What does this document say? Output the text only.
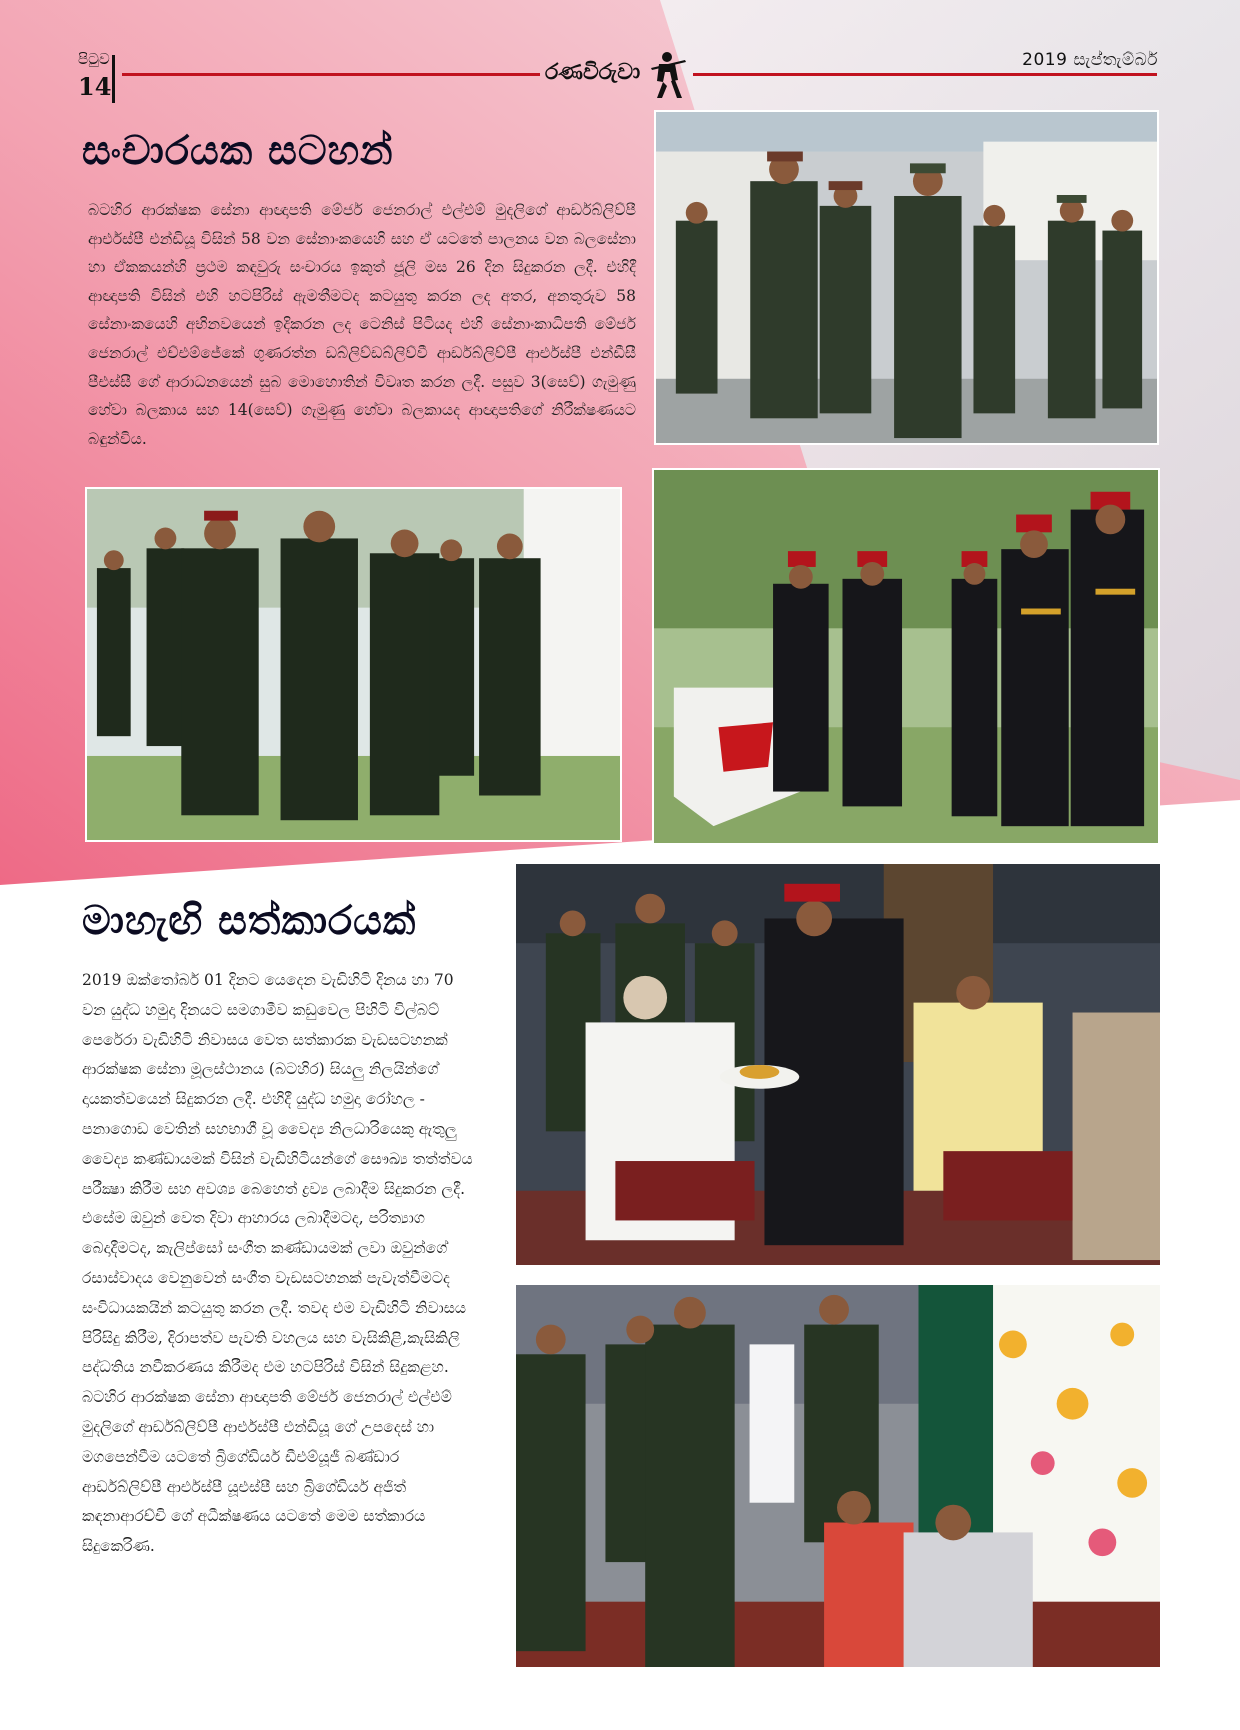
පිටුව
14	රණවිරුවා	2019 සැප්තැම්බර්
සංචාරයක සටහන්

බටහිර ආරක්ෂක සේනා ආඥාපති මේජර් ජෙනරාල් එල්එම් මුදලිගේ ආර්ඩබ්ලිව්පී ආර්එස්පී එන්ඩියූ විසින් 58 වන සේනාංකයෙහි සහ ඒ යටතේ පාලනය වන බලසේනා හා ඒකකයන්හි ප්‍රථම කඳවුරු සංචාරය ඉකුත් ජූලි මස 26 දින සිදුකරන ලදී. එහිදී ආඥාපති විසින් එහි හටපිරිස් ඇමතීමටද කටයුතු කරන ලද අතර, අනතුරුව 58 සේනාංකයෙහි අභිනවයෙන් ඉදිකරන ලද ටෙනිස් පිටියද එහි සේනාංකාධිපති මේජර් ජෙනරාල් එච්එම්ජේකේ ගුණරත්න ඩබ්ලිව්ඩබ්ලිව්වී ආර්ඩබ්ලිව්පී ආර්එස්පී එන්ඩීසී පීඑස්සී ගේ ආරාධනයෙන් සුබ මොහොතින් විවෘත කරන ලදී. පසුව 3(සෙව්) ගැමුණු හේවා බලකාය සහ 14(සෙව්) ගැමුණු හේවා බලකායද ආඥාපතිගේ නිරීක්ෂණයට බඳුන්විය.

මාහැඟි සත්කාරයක්

2019 ඔක්තෝබර් 01 දිනට යෙදෙන වැඩිහිටි දිනය හා 70 වන යුද්ධ හමුදා දිනයට සමගාමීව කඩුවෙල පිහිටි විල්බට් පෙරේරා වැඩිහිටි නිවාසය වෙත සත්කාරක වැඩසටහනක් ආරක්ෂක සේනා මූලස්ථානය (බටහිර) සියලු නිලයින්ගේ දායකත්වයෙන් සිදුකරන ලදී. එහිදී යුද්ධ හමුදා රෝහල - පනාගොඩ වෙතින් සහභාගී වූ වෛද්‍ය නිලධාරියෙකු ඇතුලු වෛද්‍ය කණ්ඩායමක් විසින් වැඩිහිටියන්ගේ සෞඛ්‍ය තත්ත්වය පරීක්‍ෂා කිරීම සහ අවශ්‍ය බෙහෙත් ද්‍රව්‍ය ලබාදීම සිදුකරන ලදී. එසේම ඔවුන් වෙත දිවා ආහාරය ලබාදීමටද, පරිත්‍යාග බෙදාදීමටද, කැලිප්සෝ සංගීත කණ්ඩායමක් ලවා ඔවුන්ගේ රසාස්වාදය වෙනුවෙන් සංගීත වැඩසටහනක් පැවැත්වීමටද සංවිධායකයින් කටයුතු කරන ලදී. තවද එම වැඩිහිටි නිවාසය පිරිසිදු කිරීම, දිරාපත්ව පැවති වහලය සහ වැසිකිළි,කැසිකිලි පද්ධතිය නවීකරණය කිරීමද එම හටපිරිස් විසින් සිදුකළහ. බටහිර ආරක්ෂක සේනා ආඥාපති මේජර් ජෙනරාල් එල්එම් මුදලිගේ ආර්ඩබ්ලිව්පී ආර්එස්පී එන්ඩියූ ගේ උපදෙස් හා මගපෙන්වීම යටතේ බ්‍රිගේඩියර් ඩීඑම්යූජී බණ්ඩාර ආර්ඩබ්ලිව්පී ආර්එස්පී යූඑස්පී සහ බ්‍රිගේඩියර් අජිත් කඳනාආරච්චි ගේ අධීක්ෂණය යටතේ මෙම සත්කාරය සිදුකෙරිණ.
